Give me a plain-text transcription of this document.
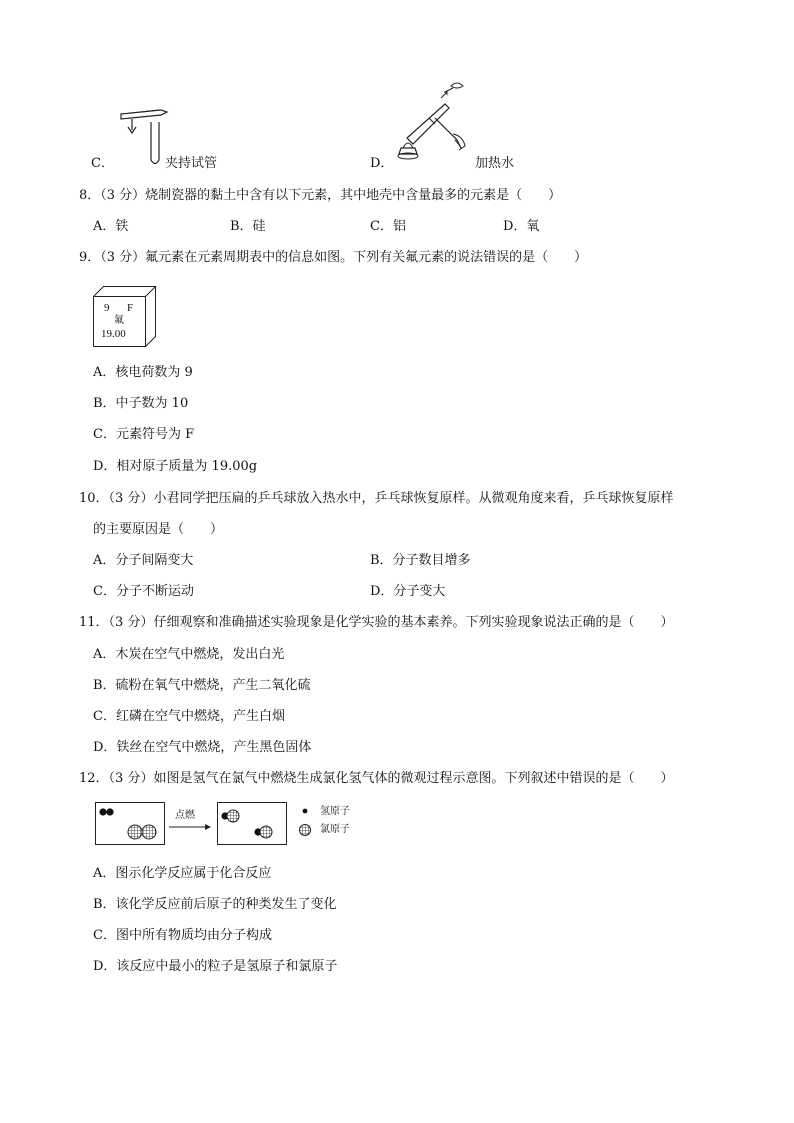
C．	夹持试管	D．	加热水
8．（3 分）烧制瓷器的黏土中含有以下元素，其中地壳中含量最多的元素是（　　）
A．铁	B．硅	C．铝	D．氧
9．（3 分）氟元素在元素周期表中的信息如图。下列有关氟元素的说法错误的是（　　）
9 F
氟
19.00
A．核电荷数为 9
B．中子数为 10
C．元素符号为 F
D．相对原子质量为 19.00g
10．（3 分）小君同学把压扁的乒乓球放入热水中，乒乓球恢复原样。从微观角度来看，乒乓球恢复原样
的主要原因是（　　）
A．分子间隔变大	B．分子数目增多
C．分子不断运动	D．分子变大
11．（3 分）仔细观察和准确描述实验现象是化学实验的基本素养。下列实验现象说法正确的是（　　）
A．木炭在空气中燃烧，发出白光
B．硫粉在氧气中燃烧，产生二氧化硫
C．红磷在空气中燃烧，产生白烟
D．铁丝在空气中燃烧，产生黑色固体
12．（3 分）如图是氢气在氯气中燃烧生成氯化氢气体的微观过程示意图。下列叙述中错误的是（　　）
点燃	氢原子
氯原子
A．图示化学反应属于化合反应
B．该化学反应前后原子的种类发生了变化
C．图中所有物质均由分子构成
D．该反应中最小的粒子是氢原子和氯原子
